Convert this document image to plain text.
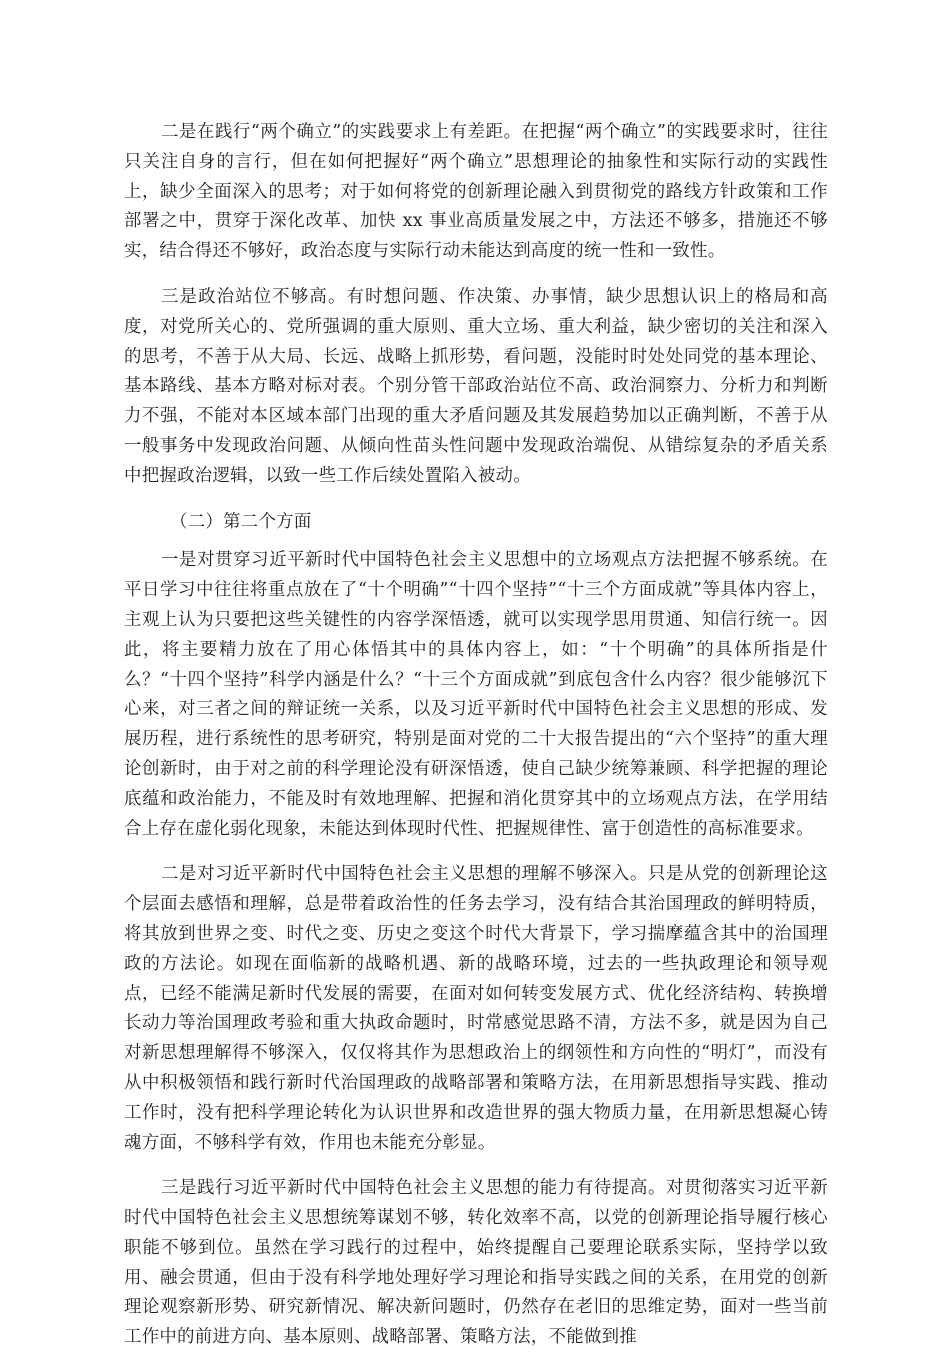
二是在践行“两个确立”的实践要求上有差距。在把握“两个确立”的实践要求时，往往只关注自身的言行，但在如何把握好“两个确立”思想理论的抽象性和实际行动的实践性上，缺少全面深入的思考；对于如何将党的创新理论融入到贯彻党的路线方针政策和工作部署之中，贯穿于深化改革、加快 xx 事业高质量发展之中，方法还不够多，措施还不够实，结合得还不够好，政治态度与实际行动未能达到高度的统一性和一致性。

三是政治站位不够高。有时想问题、作决策、办事情，缺少思想认识上的格局和高度，对党所关心的、党所强调的重大原则、重大立场、重大利益，缺少密切的关注和深入的思考，不善于从大局、长远、战略上抓形势，看问题，没能时时处处同党的基本理论、基本路线、基本方略对标对表。个别分管干部政治站位不高、政治洞察力、分析力和判断力不强，不能对本区域本部门出现的重大矛盾问题及其发展趋势加以正确判断，不善于从一般事务中发现政治问题、从倾向性苗头性问题中发现政治端倪、从错综复杂的矛盾关系中把握政治逻辑，以致一些工作后续处置陷入被动。

（二）第二个方面

一是对贯穿习近平新时代中国特色社会主义思想中的立场观点方法把握不够系统。在平日学习中往往将重点放在了“十个明确”“十四个坚持”“十三个方面成就”等具体内容上，主观上认为只要把这些关键性的内容学深悟透，就可以实现学思用贯通、知信行统一。因此，将主要精力放在了用心体悟其中的具体内容上，如：“十个明确”的具体所指是什么？“十四个坚持”科学内涵是什么？“十三个方面成就”到底包含什么内容？很少能够沉下心来，对三者之间的辩证统一关系，以及习近平新时代中国特色社会主义思想的形成、发展历程，进行系统性的思考研究，特别是面对党的二十大报告提出的“六个坚持”的重大理论创新时，由于对之前的科学理论没有研深悟透，使自己缺少统筹兼顾、科学把握的理论底蕴和政治能力，不能及时有效地理解、把握和消化贯穿其中的立场观点方法，在学用结合上存在虚化弱化现象，未能达到体现时代性、把握规律性、富于创造性的高标准要求。

二是对习近平新时代中国特色社会主义思想的理解不够深入。只是从党的创新理论这个层面去感悟和理解，总是带着政治性的任务去学习，没有结合其治国理政的鲜明特质，将其放到世界之变、时代之变、历史之变这个时代大背景下，学习揣摩蕴含其中的治国理政的方法论。如现在面临新的战略机遇、新的战略环境，过去的一些执政理论和领导观点，已经不能满足新时代发展的需要，在面对如何转变发展方式、优化经济结构、转换增长动力等治国理政考验和重大执政命题时，时常感觉思路不清，方法不多，就是因为自己对新思想理解得不够深入，仅仅将其作为思想政治上的纲领性和方向性的“明灯”，而没有从中积极领悟和践行新时代治国理政的战略部署和策略方法，在用新思想指导实践、推动工作时，没有把科学理论转化为认识世界和改造世界的强大物质力量，在用新思想凝心铸魂方面，不够科学有效，作用也未能充分彰显。

三是践行习近平新时代中国特色社会主义思想的能力有待提高。对贯彻落实习近平新时代中国特色社会主义思想统筹谋划不够，转化效率不高，以党的创新理论指导履行核心职能不够到位。虽然在学习践行的过程中，始终提醒自己要理论联系实际，坚持学以致用、融会贯通，但由于没有科学地处理好学习理论和指导实践之间的关系，在用党的创新理论观察新形势、研究新情况、解决新问题时，仍然存在老旧的思维定势，面对一些当前工作中的前进方向、基本原则、战略部署、策略方法，不能做到推
